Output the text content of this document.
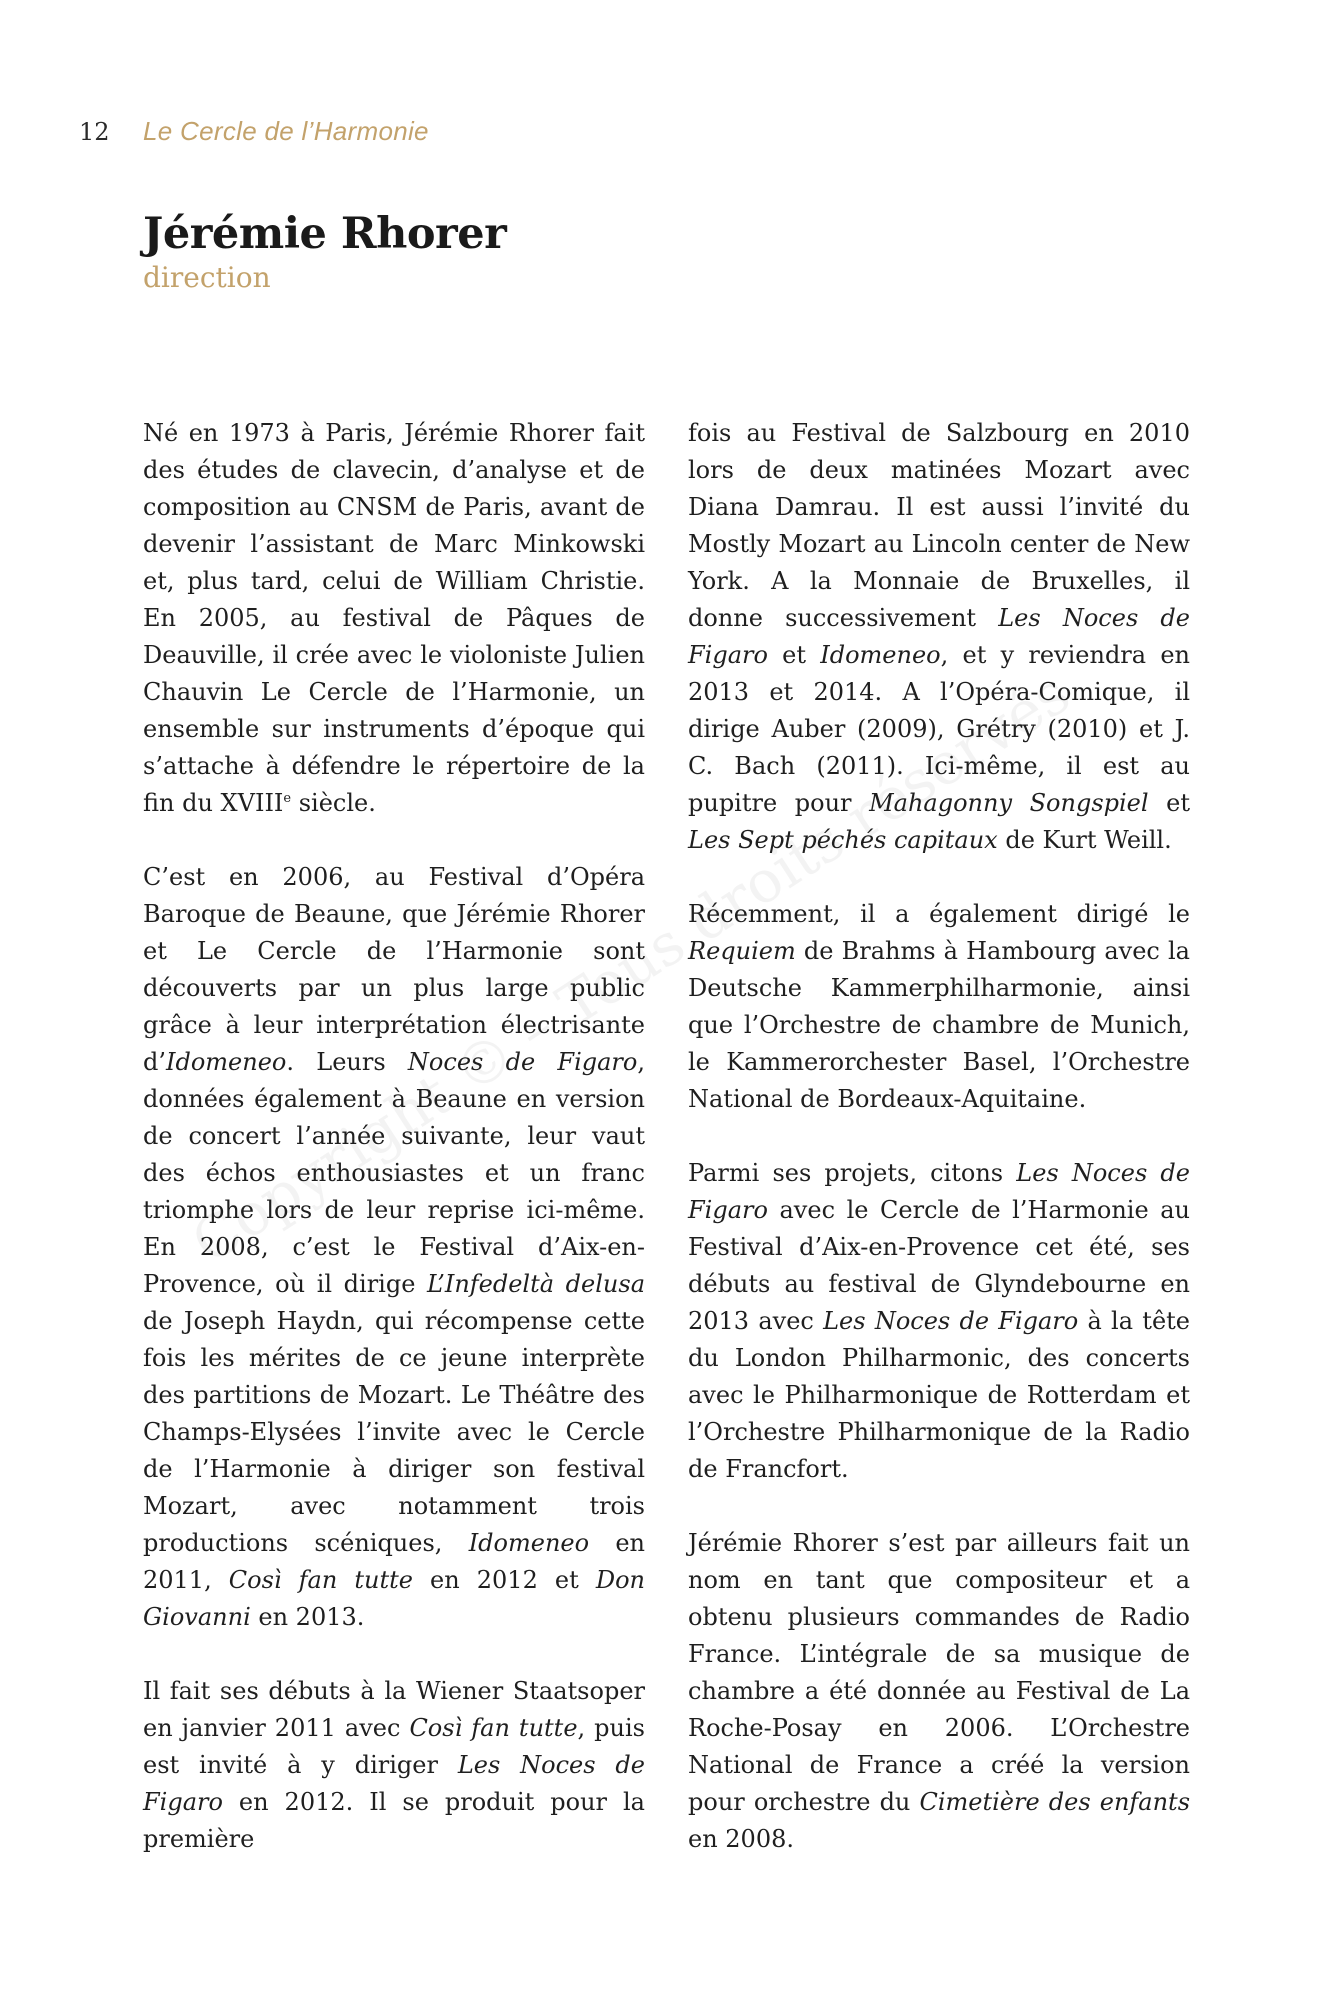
12	Le Cercle de l’Harmonie
Jérémie Rhorer

direction

Né en 1973 à Paris, Jérémie Rhorer fait des études de clavecin, d’analyse et de composition au CNSM de Paris, avant de devenir l’assistant de Marc Minkowski et, plus tard, celui de William Christie. En 2005, au festival de Pâques de Deauville, il crée avec le violoniste Julien Chauvin Le Cercle de l’Harmonie, un ensemble sur instruments d’époque qui s’attache à défendre le répertoire de la fin du XVIIIe siècle.

C’est en 2006, au Festival d’Opéra Baroque de Beaune, que Jérémie Rhorer et Le Cercle de l’Harmonie sont découverts par un plus large public grâce à leur interprétation électrisante d’Idomeneo. Leurs Noces de Figaro, données également à Beaune en version de concert l’année suivante, leur vaut des échos enthousiastes et un franc triomphe lors de leur reprise ici-même. En 2008, c’est le Festival d’Aix-en-Provence, où il dirige L’Infedeltà delusa de Joseph Haydn, qui récompense cette fois les mérites de ce jeune interprète des partitions de Mozart. Le Théâtre des Champs-Elysées l’invite avec le Cercle de l’Harmonie à diriger son festival Mozart, avec notamment trois productions scéniques, Idomeneo en 2011, Così fan tutte en 2012 et Don Giovanni en 2013.

Il fait ses débuts à la Wiener Staatsoper en janvier 2011 avec Così fan tutte, puis est invité à y diriger Les Noces de Figaro en 2012. Il se produit pour la première

fois au Festival de Salzbourg en 2010 lors de deux matinées Mozart avec Diana Damrau. Il est aussi l’invité du Mostly Mozart au Lincoln center de New York. A la Monnaie de Bruxelles, il donne successivement Les Noces de Figaro et Idomeneo, et y reviendra en 2013 et 2014. A l’Opéra-Comique, il dirige Auber (2009), Grétry (2010) et J. C. Bach (2011). Ici-même, il est au pupitre pour Mahagonny Songspiel et Les Sept péchés capitaux de Kurt Weill.

Récemment, il a également dirigé le Requiem de Brahms à Hambourg avec la Deutsche Kammerphilharmonie, ainsi que l’Orchestre de chambre de Munich, le Kammerorchester Basel, l’Orchestre National de Bordeaux-Aquitaine.

Parmi ses projets, citons Les Noces de Figaro avec le Cercle de l’Harmonie au Festival d’Aix-en-Provence cet été, ses débuts au festival de Glyndebourne en 2013 avec Les Noces de Figaro à la tête du London Philharmonic, des concerts avec le Philharmonique de Rotterdam et l’Orchestre Philharmonique de la Radio de Francfort.

Jérémie Rhorer s’est par ailleurs fait un nom en tant que compositeur et a obtenu plusieurs commandes de Radio France. L’intégrale de sa musique de chambre a été donnée au Festival de La Roche-Posay en 2006. L’Orchestre National de France a créé la version pour orchestre du Cimetière des enfants en 2008.
